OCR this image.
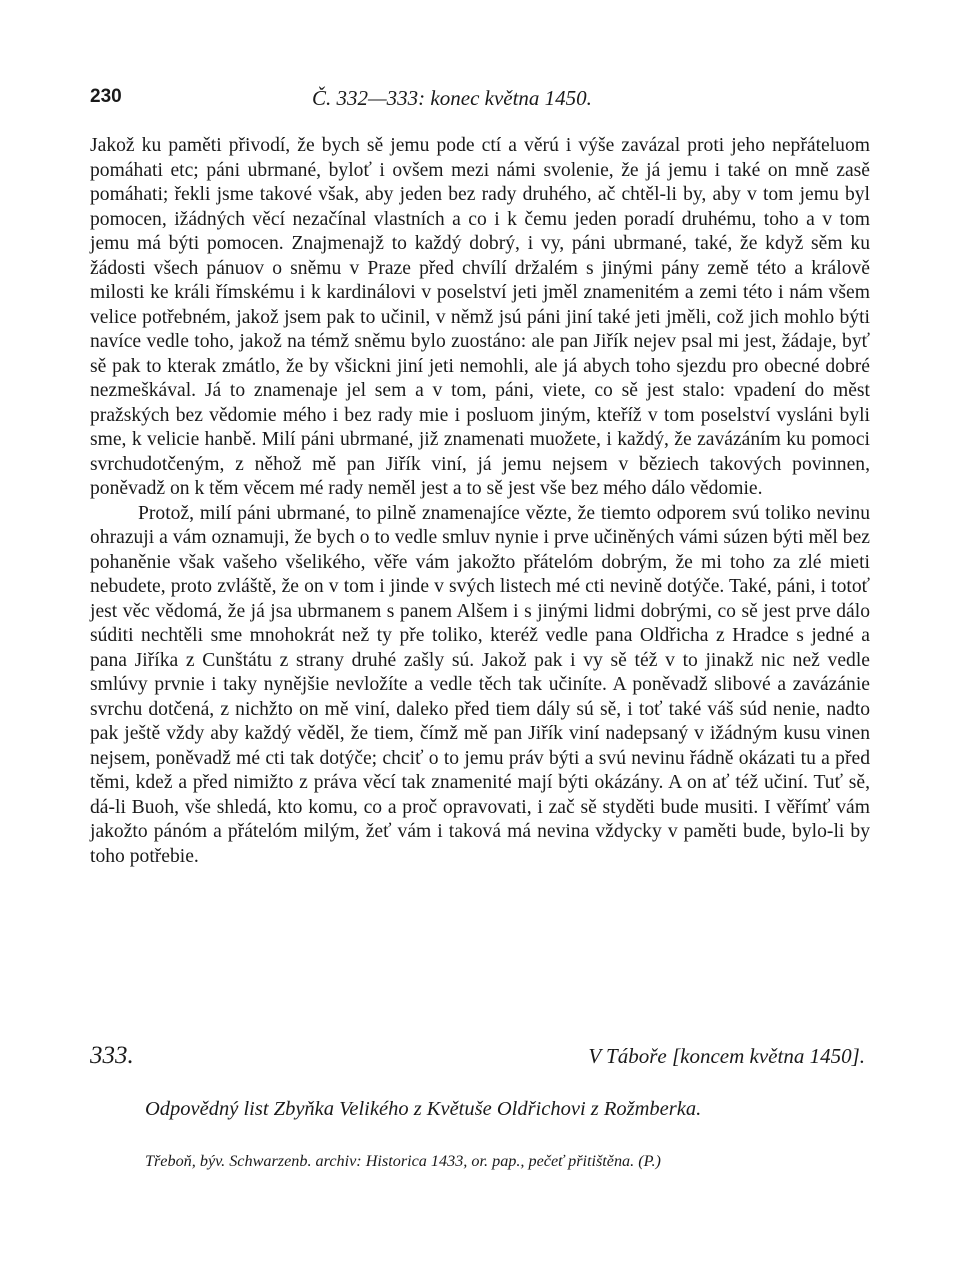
230	Č. 332—333: konec května 1450.

Jakož ku paměti přivodí, že bych sě jemu pode ctí a věrú i výše zavázal proti jeho nepřáteluom pomáhati etc; páni ubrmané, byloť i ovšem mezi námi svolenie, že já jemu i také on mně zasě pomáhati; řekli jsme takové však, aby jeden bez rady druhého, ač chtěl-li by, aby v tom jemu byl pomocen, ižádných věcí nezačínal vlastních a co i k čemu jeden poradí druhému, toho a v tom jemu má býti pomocen. Znajmenajž to každý dobrý, i vy, páni ubrmané, také, že když sěm ku žádosti všech pánuov o sněmu v Praze před chvílí držalém s jinými pány země této a králově milosti ke králi římskému i k kardinálovi v poselství jeti jměl znamenitém a zemi této i nám všem velice potřebném, jakož jsem pak to učinil, v němž jsú páni jiní také jeti jměli, což jich mohlo býti navíce vedle toho, jakož na témž sněmu bylo zuostáno: ale pan Jiřík nejev psal mi jest, žádaje, byť sě pak to kterak zmátlo, že by všickni jiní jeti nemohli, ale já abych toho sjezdu pro obecné dobré nezmeškával. Já to znamenaje jel sem a v tom, páni, viete, co sě jest stalo: vpadení do měst pražských bez vědomie mého i bez rady mie i posluom jiným, kteříž v tom poselství vysláni byli sme, k velicie hanbě. Milí páni ubrmané, již znamenati muožete, i každý, že zavázáním ku pomoci svrchudotčeným, z něhož mě pan Jiřík viní, já jemu nejsem v běziech takových povinnen, poněvadž on k těm věcem mé rady neměl jest a to sě jest vše bez mého dálo vědomie.

Protož, milí páni ubrmané, to pilně znamenajíce vězte, že tiemto odporem svú toliko nevinu ohrazuji a vám oznamuji, že bych o to vedle smluv nynie i prve učiněných vámi súzen býti měl bez pohaněnie však vašeho všelikého, věře vám jakožto přátelóm dobrým, že mi toho za zlé mieti nebudete, proto zvláště, že on v tom i jinde v svých listech mé cti nevině dotýče. Také, páni, i totoť jest věc vědomá, že já jsa ubrmanem s panem Alšem i s jinými lidmi dobrými, co sě jest prve dálo súditi nechtěli sme mnohokrát než ty pře toliko, kteréž vedle pana Oldřicha z Hradce s jedné a pana Jiříka z Cunštátu z strany druhé zašly sú. Jakož pak i vy sě též v to jinakž nic než vedle smlúvy prvnie i taky nynějšie nevložíte a vedle těch tak učiníte. A poněvadž slibové a zavázánie svrchu dotčená, z nichžto on mě viní, daleko před tiem dály sú sě, i toť také váš súd nenie, nadto pak ještě vždy aby každý věděl, že tiem, čímž mě pan Jiřík viní nadepsaný v ižádným kusu vinen nejsem, poněvadž mé cti tak dotýče; chciť o to jemu práv býti a svú nevinu řádně okázati tu a před těmi, kdež a před nimižto z práva věcí tak znamenité mají býti okázány. A on ať též učiní. Tuť sě, dá-li Buoh, vše shledá, kto komu, co a proč opravovati, i zač sě styděti bude musiti. I věřímť vám jakožto pánóm a přátelóm milým, žeť vám i taková má nevina vždycky v paměti bude, bylo-li by toho potřebie.

333.	V Táboře [koncem května 1450].
Odpovědný list Zbyňka Velikého z Květuše Oldřichovi z Rožmberka.
Třeboň, býv. Schwarzenb. archiv: Historica 1433, or. pap., pečeť přitištěna. (P.)
